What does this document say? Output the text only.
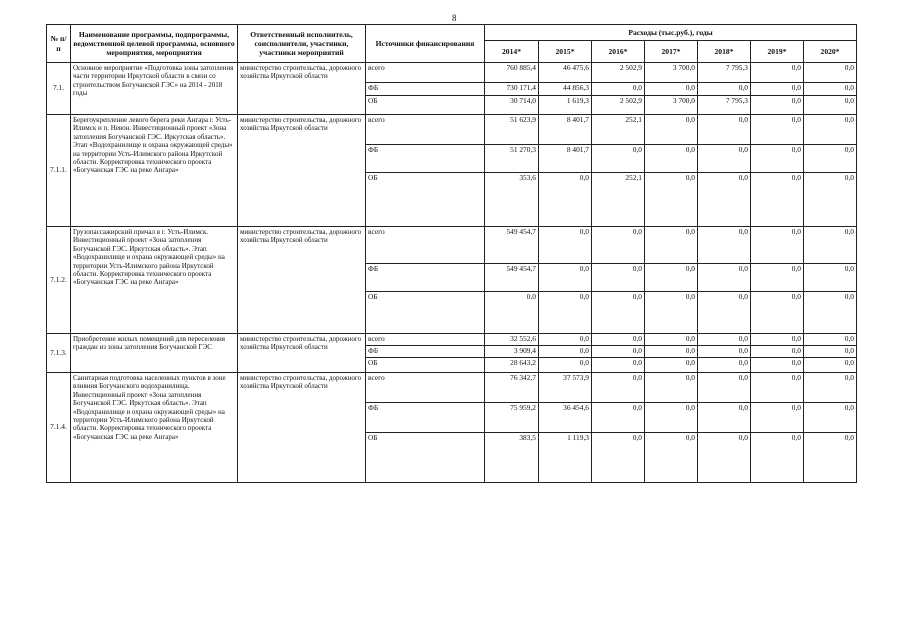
8
№ п/п	Наименование программы, подпрограммы, ведомственной целевой программы, основного мероприятия, мероприятия	Ответственный исполнитель, соисполнители, участники, участники мероприятий	Источники финансирования	Расходы (тыс.руб.), годы						
				2014*	2015*	2016*	2017*	2018*	2019*	2020*
7.1.	Основное мероприятие «Подготовка зоны затопления части территории Иркутской области в связи со строительством Богучанской ГЭС» на 2014 - 2018 годы	министерство строительства, дорожного хозяйства Иркутской области	всего	760 885,4	46 475,6	2 502,9	3 700,0	7 795,3	0,0	0,0
			ФБ	730 171,4	44 856,3	0,0	0,0	0,0	0,0	0,0
			ОБ	30 714,0	1 619,3	2 502,9	3 700,0	7 795,3	0,0	0,0
7.1.1.	Берегоукрепление левого берега реки Ангара г. Усть-Илимск и п. Невон. Инвестиционный проект «Зона затопления Богучанской ГЭС. Иркутская область». Этап «Водохранилище и охрана окружающей среды» на территории Усть-Илимского района Иркутской области. Корректировка технического проекта «Богучанская ГЭС на реке Ангара»	министерство строительства, дорожного хозяйства Иркутской области	всего	51 623,9	8 401,7	252,1	0,0	0,0	0,0	0,0
			ФБ	51 270,3	8 401,7	0,0	0,0	0,0	0,0	0,0
			ОБ	353,6	0,0	252,1	0,0	0,0	0,0	0,0
7.1.2.	Грузопассажирский причал в г. Усть-Илимск. Инвестиционный проект «Зона затопления Богучанской ГЭС. Иркутская область». Этап «Водохранилище и охрана окружающей среды» на территории Усть-Илимского района Иркутской области. Корректировка технического проекта «Богучанская ГЭС на реке Ангара»	министерство строительства, дорожного хозяйства Иркутской области	всего	549 454,7	0,0	0,0	0,0	0,0	0,0	0,0
			ФБ	549 454,7	0,0	0,0	0,0	0,0	0,0	0,0
			ОБ	0,0	0,0	0,0	0,0	0,0	0,0	0,0
7.1.3.	Приобретение жилых помещений для переселения граждан из зоны затопления Богучанской ГЭС	министерство строительства, дорожного хозяйства Иркутской области	всего	32 552,6	0,0	0,0	0,0	0,0	0,0	0,0
			ФБ	3 909,4	0,0	0,0	0,0	0,0	0,0	0,0
			ОБ	28 643,2	0,0	0,0	0,0	0,0	0,0	0,0
7.1.4.	Санитарная подготовка населенных пунктов в зоне влияния Богучанского водохранилища. Инвестиционный проект «Зона затопления Богучанской ГЭС. Иркутская область». Этап «Водохранилище и охрана окружающей среды» на территории Усть-Илимского района Иркутской области. Корректировка технического проекта «Богучанская ГЭС на реке Ангара»	министерство строительства, дорожного хозяйства Иркутской области	всего	76 342,7	37 573,9	0,0	0,0	0,0	0,0	0,0
			ФБ	75 959,2	36 454,6	0,0	0,0	0,0	0,0	0,0
			ОБ	383,5	1 119,3	0,0	0,0	0,0	0,0	0,0
